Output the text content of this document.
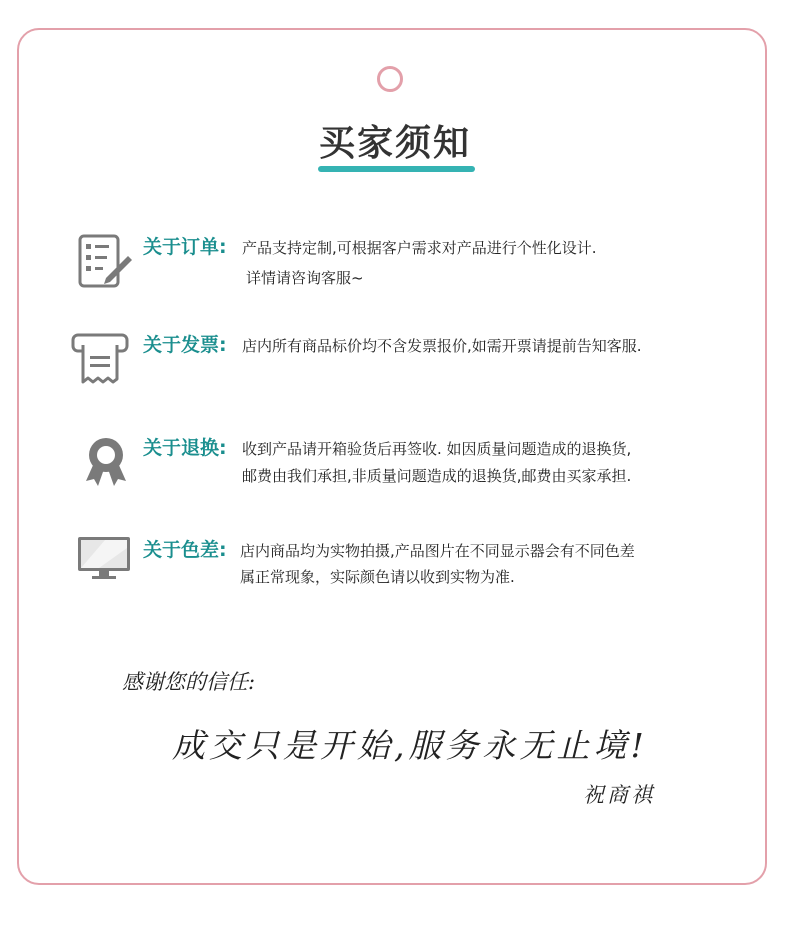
买家须知
关于订单: 产品支持定制,可根据客户需求对产品进行个性化设计.
详情请咨询客服~
关于发票: 店内所有商品标价均不含发票报价,如需开票请提前告知客服.
关于退换: 收到产品请开箱验货后再签收. 如因质量问题造成的退换货,
邮费由我们承担,非质量问题造成的退换货,邮费由买家承担.
关于色差: 店内商品均为实物拍摄,产品图片在不同显示器会有不同色差
属正常现象，实际颜色请以收到实物为准.
感谢您的信任:
成交只是开始,服务永无止境!
祝商祺
